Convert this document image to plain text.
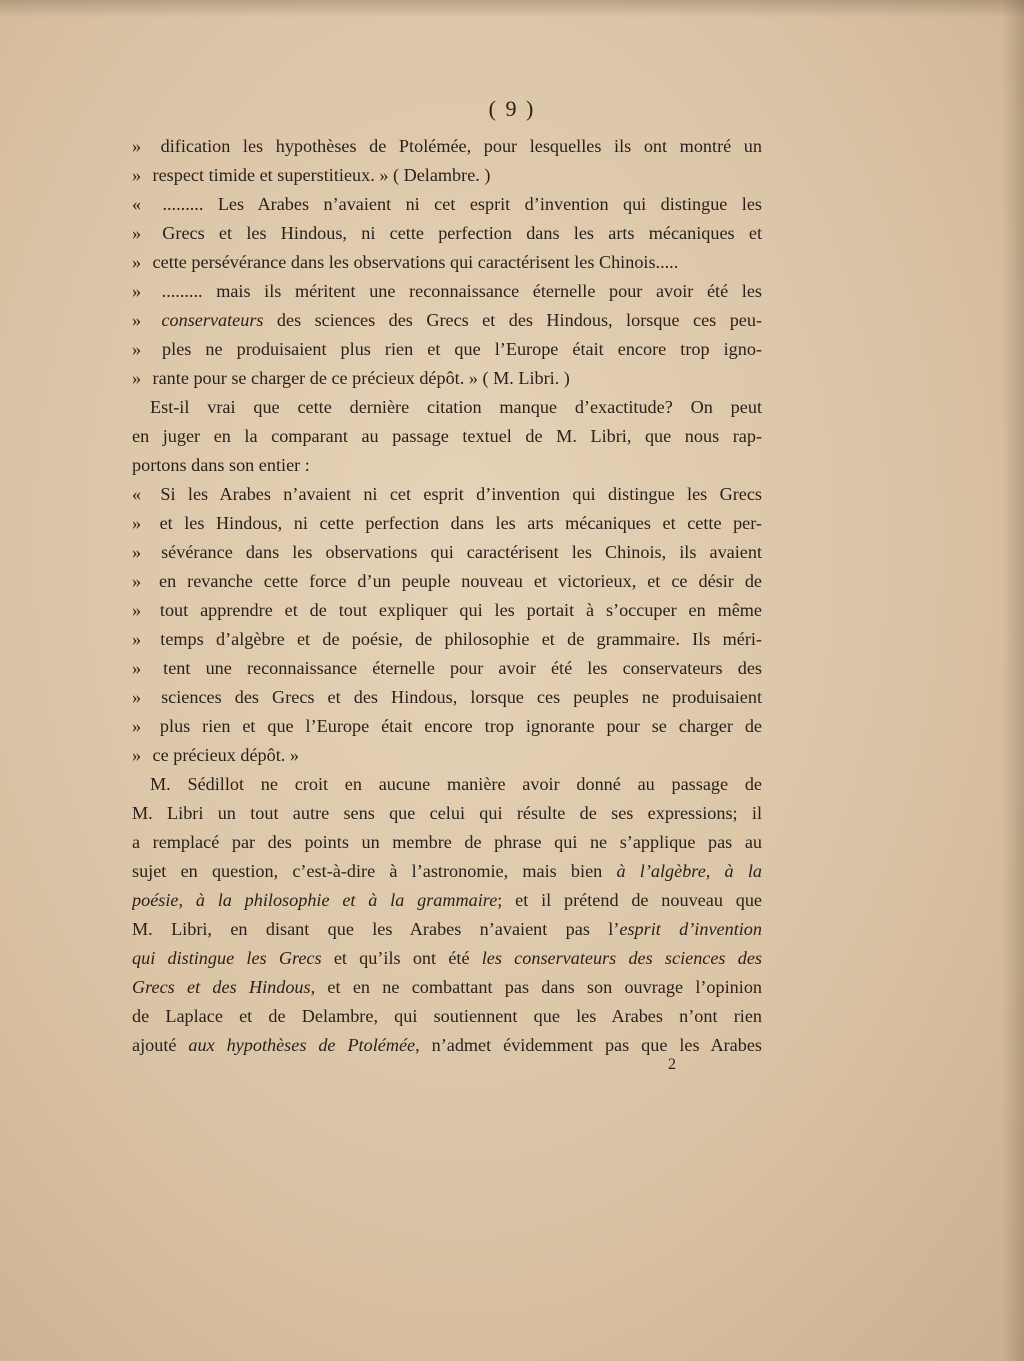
( 9 )
» dification les hypothèses de Ptolémée, pour lesquelles ils ont montré un
» respect timide et superstitieux. » ( Delambre. )
« ......... Les Arabes n’avaient ni cet esprit d’invention qui distingue les
» Grecs et les Hindous, ni cette perfection dans les arts mécaniques et
» cette persévérance dans les observations qui caractérisent les Chinois.....
» ......... mais ils méritent une reconnaissance éternelle pour avoir été les
» conservateurs des sciences des Grecs et des Hindous, lorsque ces peu-
» ples ne produisaient plus rien et que l’Europe était encore trop igno-
» rante pour se charger de ce précieux dépôt. » ( M. Libri. )
Est-il vrai que cette dernière citation manque d’exactitude? On peut
en juger en la comparant au passage textuel de M. Libri, que nous rap-
portons dans son entier :
« Si les Arabes n’avaient ni cet esprit d’invention qui distingue les Grecs
» et les Hindous, ni cette perfection dans les arts mécaniques et cette per-
» sévérance dans les observations qui caractérisent les Chinois, ils avaient
» en revanche cette force d’un peuple nouveau et victorieux, et ce désir de
» tout apprendre et de tout expliquer qui les portait à s’occuper en même
» temps d’algèbre et de poésie, de philosophie et de grammaire. Ils méri-
» tent une reconnaissance éternelle pour avoir été les conservateurs des
» sciences des Grecs et des Hindous, lorsque ces peuples ne produisaient
» plus rien et que l’Europe était encore trop ignorante pour se charger de
» ce précieux dépôt. »
M. Sédillot ne croit en aucune manière avoir donné au passage de
M. Libri un tout autre sens que celui qui résulte de ses expressions; il
a remplacé par des points un membre de phrase qui ne s’applique pas au
sujet en question, c’est-à-dire à l’astronomie, mais bien à l’algèbre, à la
poésie, à la philosophie et à la grammaire; et il prétend de nouveau que
M. Libri, en disant que les Arabes n’avaient pas l’esprit d’invention
qui distingue les Grecs et qu’ils ont été les conservateurs des sciences des
Grecs et des Hindous, et en ne combattant pas dans son ouvrage l’opinion
de Laplace et de Delambre, qui soutiennent que les Arabes n’ont rien
ajouté aux hypothèses de Ptolémée, n’admet évidemment pas que les Arabes
2
